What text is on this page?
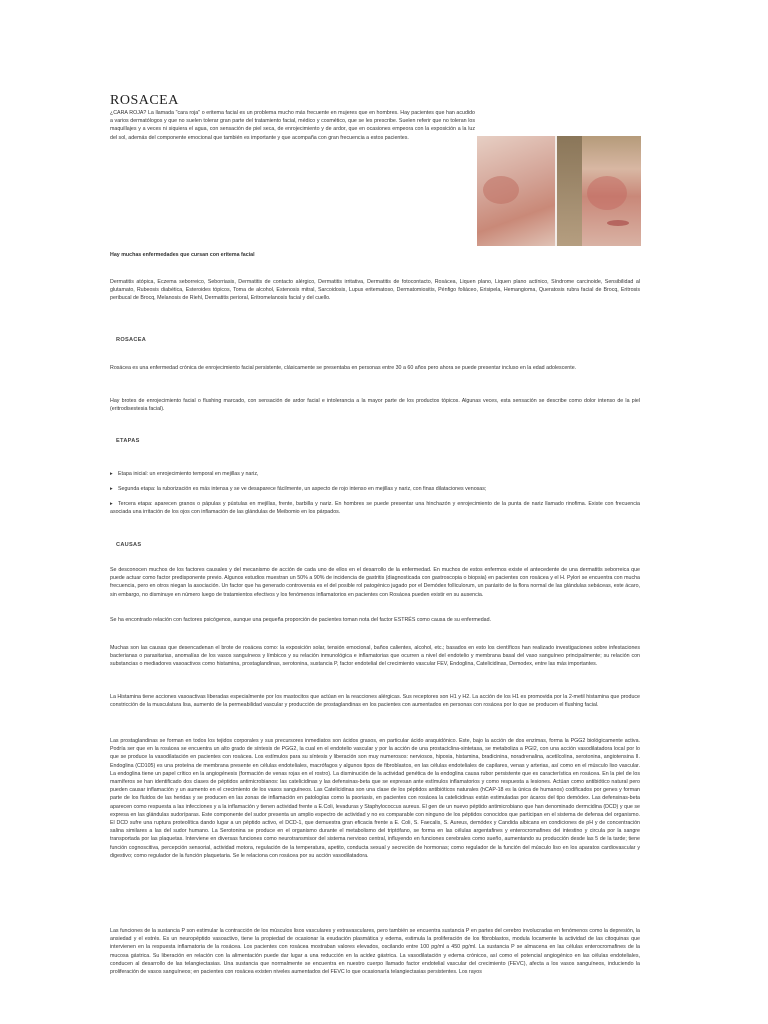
ROSACEA
¿CARA ROJA? La llamada "cara roja" o eritema facial es un problema mucho más frecuente en mujeres que en hombres. Hay pacientes que han acudido a varios dermatólogos y que no suelen tolerar gran parte del tratamiento facial, médico y cosmético, que se les prescribe. Suelen referir que no toleran los maquillajes y a veces ni siquiera el agua, con sensación de piel seca, de enrojecimiento y de ardor, que en ocasiones empeora con la exposición a la luz del sol, además del componente emocional que también es importante y que acompaña con gran frecuencia a estos pacientes.
Hay muchas enfermedades que cursan con eritema facial
Dermatitis atópica, Eczema seborreico, Seborriasis, Dermatitis de contacto alérgico, Dermatitis irritativa, Dermatitis de fotocontacto, Rosácea, Liquen plano, Liquen plano actínico, Síndrome carcinoide, Sensibilidad al glutamato, Rubeosis diabética, Esteroides tópicos, Toma de alcohol, Estenosis mitral, Sarcoidosis, Lupus eritematoso, Dermatomiositis, Pénfigo foliáceo, Erisipela, Hemangioma, Queratosis rubra facial de Brocq, Eritrosis peribucal de Brocq, Melanosis de Riehl, Dermatitis perioral, Eritromelanosis facial y del cuello.
ROSACEA
Rosácea es una enfermedad crónica de enrojecimiento facial persistente, clásicamente se presentaba en personas entre 30 a 60 años pero ahora se puede presentar incluso en la edad adolescente.
Hay brotes de enrojecimiento facial o flushing marcado, con sensación de ardor facial e intolerancia a la mayor parte de los productos tópicos. Algunas veces, esta sensación se describe como dolor intenso de la piel (eritrodisestesia facial).
ETAPAS
▸ Etapa inicial: un enrojecimiento temporal en mejillas y nariz,
▸ Segunda etapa: la ruborización es más intensa y se ve desaparece fácilmente, un aspecto de rojo intenso en mejillas y nariz, con finas dilataciones venosas;
▸ Tercera etapa: aparecen granos o pápulas y pústulas en mejillas, frente, barbilla y nariz. En hombres se puede presentar una hinchazón y enrojecimiento de la punta de nariz llamado rinofima. Existe con frecuencia asociada una irritación de los ojos con inflamación de las glándulas de Meibomio en los párpados.
CAUSAS
Se desconocen muchos de los factores causales y del mecanismo de acción de cada uno de ellos en el desarrollo de la enfermedad. En muchos de estos enfermos existe el antecedente de una dermatitis seborreica que puede actuar como factor predisponente previo. Algunos estudios muestran un 50% a 90% de incidencia de gastritis (diagnosticada con gastroscopia o biopsia) en pacientes con rosácea y el H. Pylori se encuentra con mucha frecuencia, pero en otros niegan la asociación. Un factor que ha generado controversia es el del posible rol patogénico jugado por el Demódex folliculorum, un parásito de la flora normal de las glándulas sebáceas, este ácaro, sin embargo, no disminuye en número luego de tratamientos efectivos y los fenómenos inflamatorios en pacientes con Rosácea pueden existir en su ausencia.
Se ha encontrado relación con factores psicógenos, aunque una pequeña proporción de pacientes toman nota del factor ESTRÉS como causa de su enfermedad.
Muchas son las causas que desencadenan el brote de rosácea como: la exposición solar, tensión emocional, baños calientes, alcohol, etc.; basados en esto los científicos han realizado investigaciones sobre infestaciones bacterianas o parasitarias, anomalías de los vasos sanguíneos y límbicos y su relación inmunológica e inflamatorias que ocurren a nivel del endotelio y membrana basal del vaso sanguíneo principalmente; su relación con substancias o mediadores vasoactivos como histamina, prostaglandinas, serotonina, sustancia P, factor endotelial del crecimiento vascular FEV, Endoglina, Catelicidinas, Demodex, entre las más importantes.
La Histamina tiene acciones vasoactivas liberadas especialmente por los mastocitos que actúan en la reacciones alérgicas. Sus receptores son H1 y H2. La acción de los H1 es promovida por la 2-metil histamina que produce constricción de la musculatura lisa, aumento de la permeabilidad vascular y producción de prostaglandinas en los pacientes con aumentados en personas con rosácea por lo que se producen el flushing facial.
Las prostaglandinas se forman en todos los tejidos corporales y sus precursores inmediatos son ácidos grasos, en particular ácido araquidónico. Este, bajo la acción de dos enzimas, forma la PGG2 biológicamente activa. Podría ser que en la rosácea se encuentra un alto grado de síntesis de PGG2, la cual en el endotelio vascular y por la acción de una prostaciclina-sintetasa, se metaboliza a PGI2, con una acción vasodilatadora local por lo que se produce la vasodilatación en pacientes con rosácea. Los estímulos para su síntesis y liberación son muy numerosos: nerviosos, hipoxia, histamina, bradicinina, noradrenalina, acetilcolina, serotonina, angiotensina II. Endoglina (CD105) es una proteína de membrana presente en células endoteliales, macrófagos y algunos tipos de fibroblastos, en las células endoteliales de capilares, venas y arterias, así como en el músculo liso vascular. La endoglina tiene un papel crítico en la angiogénesis (formación de venas rojas en el rostro). La disminución de la actividad genética de la endoglina causa rubor persistente que es característica en rosácea. En la piel de los mamíferos se han identificado dos clases de péptidos antimicrobianos: las catelicidinas y las defensinas-beta que se expresan ante estímulos inflamatorios y como respuesta a lesiones. Actúan como antibiótico natural pero pueden causar inflamación y un aumento en el crecimiento de los vasos sanguíneos. Las Catelicidinas son una clase de los péptidos antibióticos naturales (hCAP-18 es la única de humanos) codificados por genes y forman parte de los fluidos de las heridas y se producen en las zonas de inflamación en patologías como la psoriasis, en pacientes con rosácea la catelicidinas están estimuladas por ácaros del tipo demódex. Las defensinas-beta aparecen como respuesta a las infecciones y a la inflamación y tienen actividad frente a E.Coli, levaduras y Staphylococcus aureus. El gen de un nuevo péptido antimicrobiano que han denominado dermcidina (DCD) y que se expresa en las glándulas sudoríparas. Este componente del sudor presenta un amplio espectro de actividad y no es comparable con ninguno de los péptidos conocidos que participan en el sistema de defensa del organismo. El DCD sufre una ruptura proteolítica dando lugar a un péptido activo, el DCD-1, que demuestra gran eficacia frente a E. Coli, S. Faecalis, S. Aureus, demódex y Candida albicans en condiciones de pH y de concentración salina similares a las del sudor humano. La Serotonina se produce en el organismo durante el metabolismo del triptófano, se forma en las células argentafines y enterocromafines del intestino y circula por la sangre transportada por las plaquetas. Interviene en diversas funciones como neurotransmisor del sistema nervioso central, influyendo en funciones cerebrales como sueño, aumentando su producción desde las 5 de la tarde; tiene función cognoscitiva, percepción sensorial, actividad motora, regulación de la temperatura, apetito, conducta sexual y secreción de hormonas; como regulador de la función del músculo liso en los aparatos cardiovascular y digestivo; como regulador de la función plaquetaria. Se le relaciona con rosácea por su acción vasodilatadora.
Las funciones de la sustancia P son estimular la contracción de los músculos lisos vasculares y extravasculares, pero también se encuentra sustancia P en partes del cerebro involucradas en fenómenos como la depresión, la ansiedad y el estrés. Es un neuropéptido vasoactivo, tiene la propiedad de ocasionar la exudación plasmática y edema, estimula la proliferación de los fibroblastos, modula locamente la actividad de las citoquinas que intervienen en la respuesta inflamatoria de la rosácea. Los pacientes con rosácea mostraban valores elevados, oscilando entre 100 pg/ml a 450 pg/ml. La sustancia P se almacena en las células enterocromafines de la mucosa gástrica. Su liberación en relación con la alimentación puede dar lugar a una reducción en la acidez gástrica. La vasodilatación y edema crónicos, así como el potencial angiogénico en las células endoteliales, conducen al desarrollo de las telangiectasias. Una sustancia que normalmente se encuentra en nuestro cuerpo llamado factor endotelial vascular del crecimiento (FEVC), afecta a los vasos sanguíneos, induciendo la proliferación de vasos sanguíneos; en pacientes con rosácea existen niveles aumentados del FEVC lo que ocasionaría telangiectasias persistentes. Los rayos
